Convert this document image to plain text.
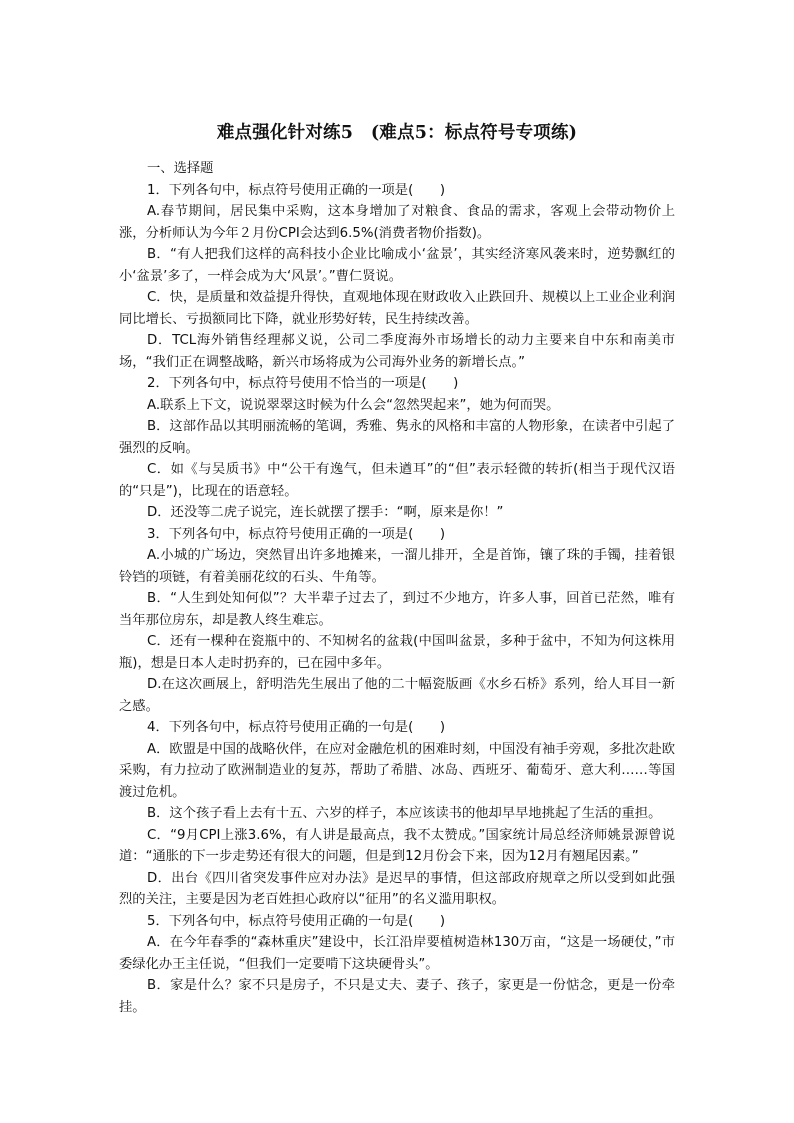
难点强化针对练5　(难点5：标点符号专项练)

一、选择题

1．下列各句中，标点符号使用正确的一项是(　　)

A.春节期间，居民集中采购，这本身增加了对粮食、食品的需求，客观上会带动物价上涨，分析师认为今年２月份CPI会达到6.5%(消费者物价指数)。

B．“有人把我们这样的高科技小企业比喻成小‘盆景’，其实经济寒风袭来时，逆势飘红的小‘盆景’多了，一样会成为大‘风景’。”曹仁贤说。

C．快，是质量和效益提升得快，直观地体现在财政收入止跌回升、规模以上工业企业利润同比增长、亏损额同比下降，就业形势好转，民生持续改善。

D．TCL海外销售经理郝义说，公司二季度海外市场增长的动力主要来自中东和南美市场，“我们正在调整战略，新兴市场将成为公司海外业务的新增长点。”

2．下列各句中，标点符号使用不恰当的一项是(　　)

A.联系上下文，说说翠翠这时候为什么会“忽然哭起来”，她为何而哭。

B．这部作品以其明丽流畅的笔调，秀雅、隽永的风格和丰富的人物形象，在读者中引起了强烈的反响。

C．如《与吴质书》中“公干有逸气，但未遒耳”的“但”表示轻微的转折(相当于现代汉语的“只是”)，比现在的语意轻。

D．还没等二虎子说完，连长就摆了摆手：“啊，原来是你！”

3．下列各句中，标点符号使用正确的一项是(　　)

A.小城的广场边，突然冒出许多地摊来，一溜儿排开，全是首饰，镶了珠的手镯，挂着银铃铛的项链，有着美丽花纹的石头、牛角等。

B．“人生到处知何似”？大半辈子过去了，到过不少地方，许多人事，回首已茫然，唯有当年那位房东，却是教人终生难忘。

C．还有一棵种在瓷瓶中的、不知树名的盆栽(中国叫盆景，多种于盆中，不知为何这株用瓶)，想是日本人走时扔弃的，已在园中多年。

D.在这次画展上，舒明浩先生展出了他的二十幅瓷版画《水乡石桥》系列，给人耳目一新之感。

4．下列各句中，标点符号使用正确的一句是(　　)

A．欧盟是中国的战略伙伴，在应对金融危机的困难时刻，中国没有袖手旁观，多批次赴欧采购，有力拉动了欧洲制造业的复苏，帮助了希腊、冰岛、西班牙、葡萄牙、意大利……等国渡过危机。

B．这个孩子看上去有十五、六岁的样子，本应该读书的他却早早地挑起了生活的重担。

C．“9月CPI上涨3.6%，有人讲是最高点，我不太赞成。”国家统计局总经济师姚景源曾说道：“通胀的下一步走势还有很大的问题，但是到12月份会下来，因为12月有翘尾因素。”

D．出台《四川省突发事件应对办法》是迟早的事情，但这部政府规章之所以受到如此强烈的关注，主要是因为老百姓担心政府以“征用”的名义滥用职权。

5．下列各句中，标点符号使用正确的一句是(　　)

A．在今年春季的“森林重庆”建设中，长江沿岸要植树造林130万亩，“这是一场硬仗，”市委绿化办王主任说，“但我们一定要啃下这块硬骨头”。

B．家是什么？家不只是房子，不只是丈夫、妻子、孩子，家更是一份惦念，更是一份牵挂。
